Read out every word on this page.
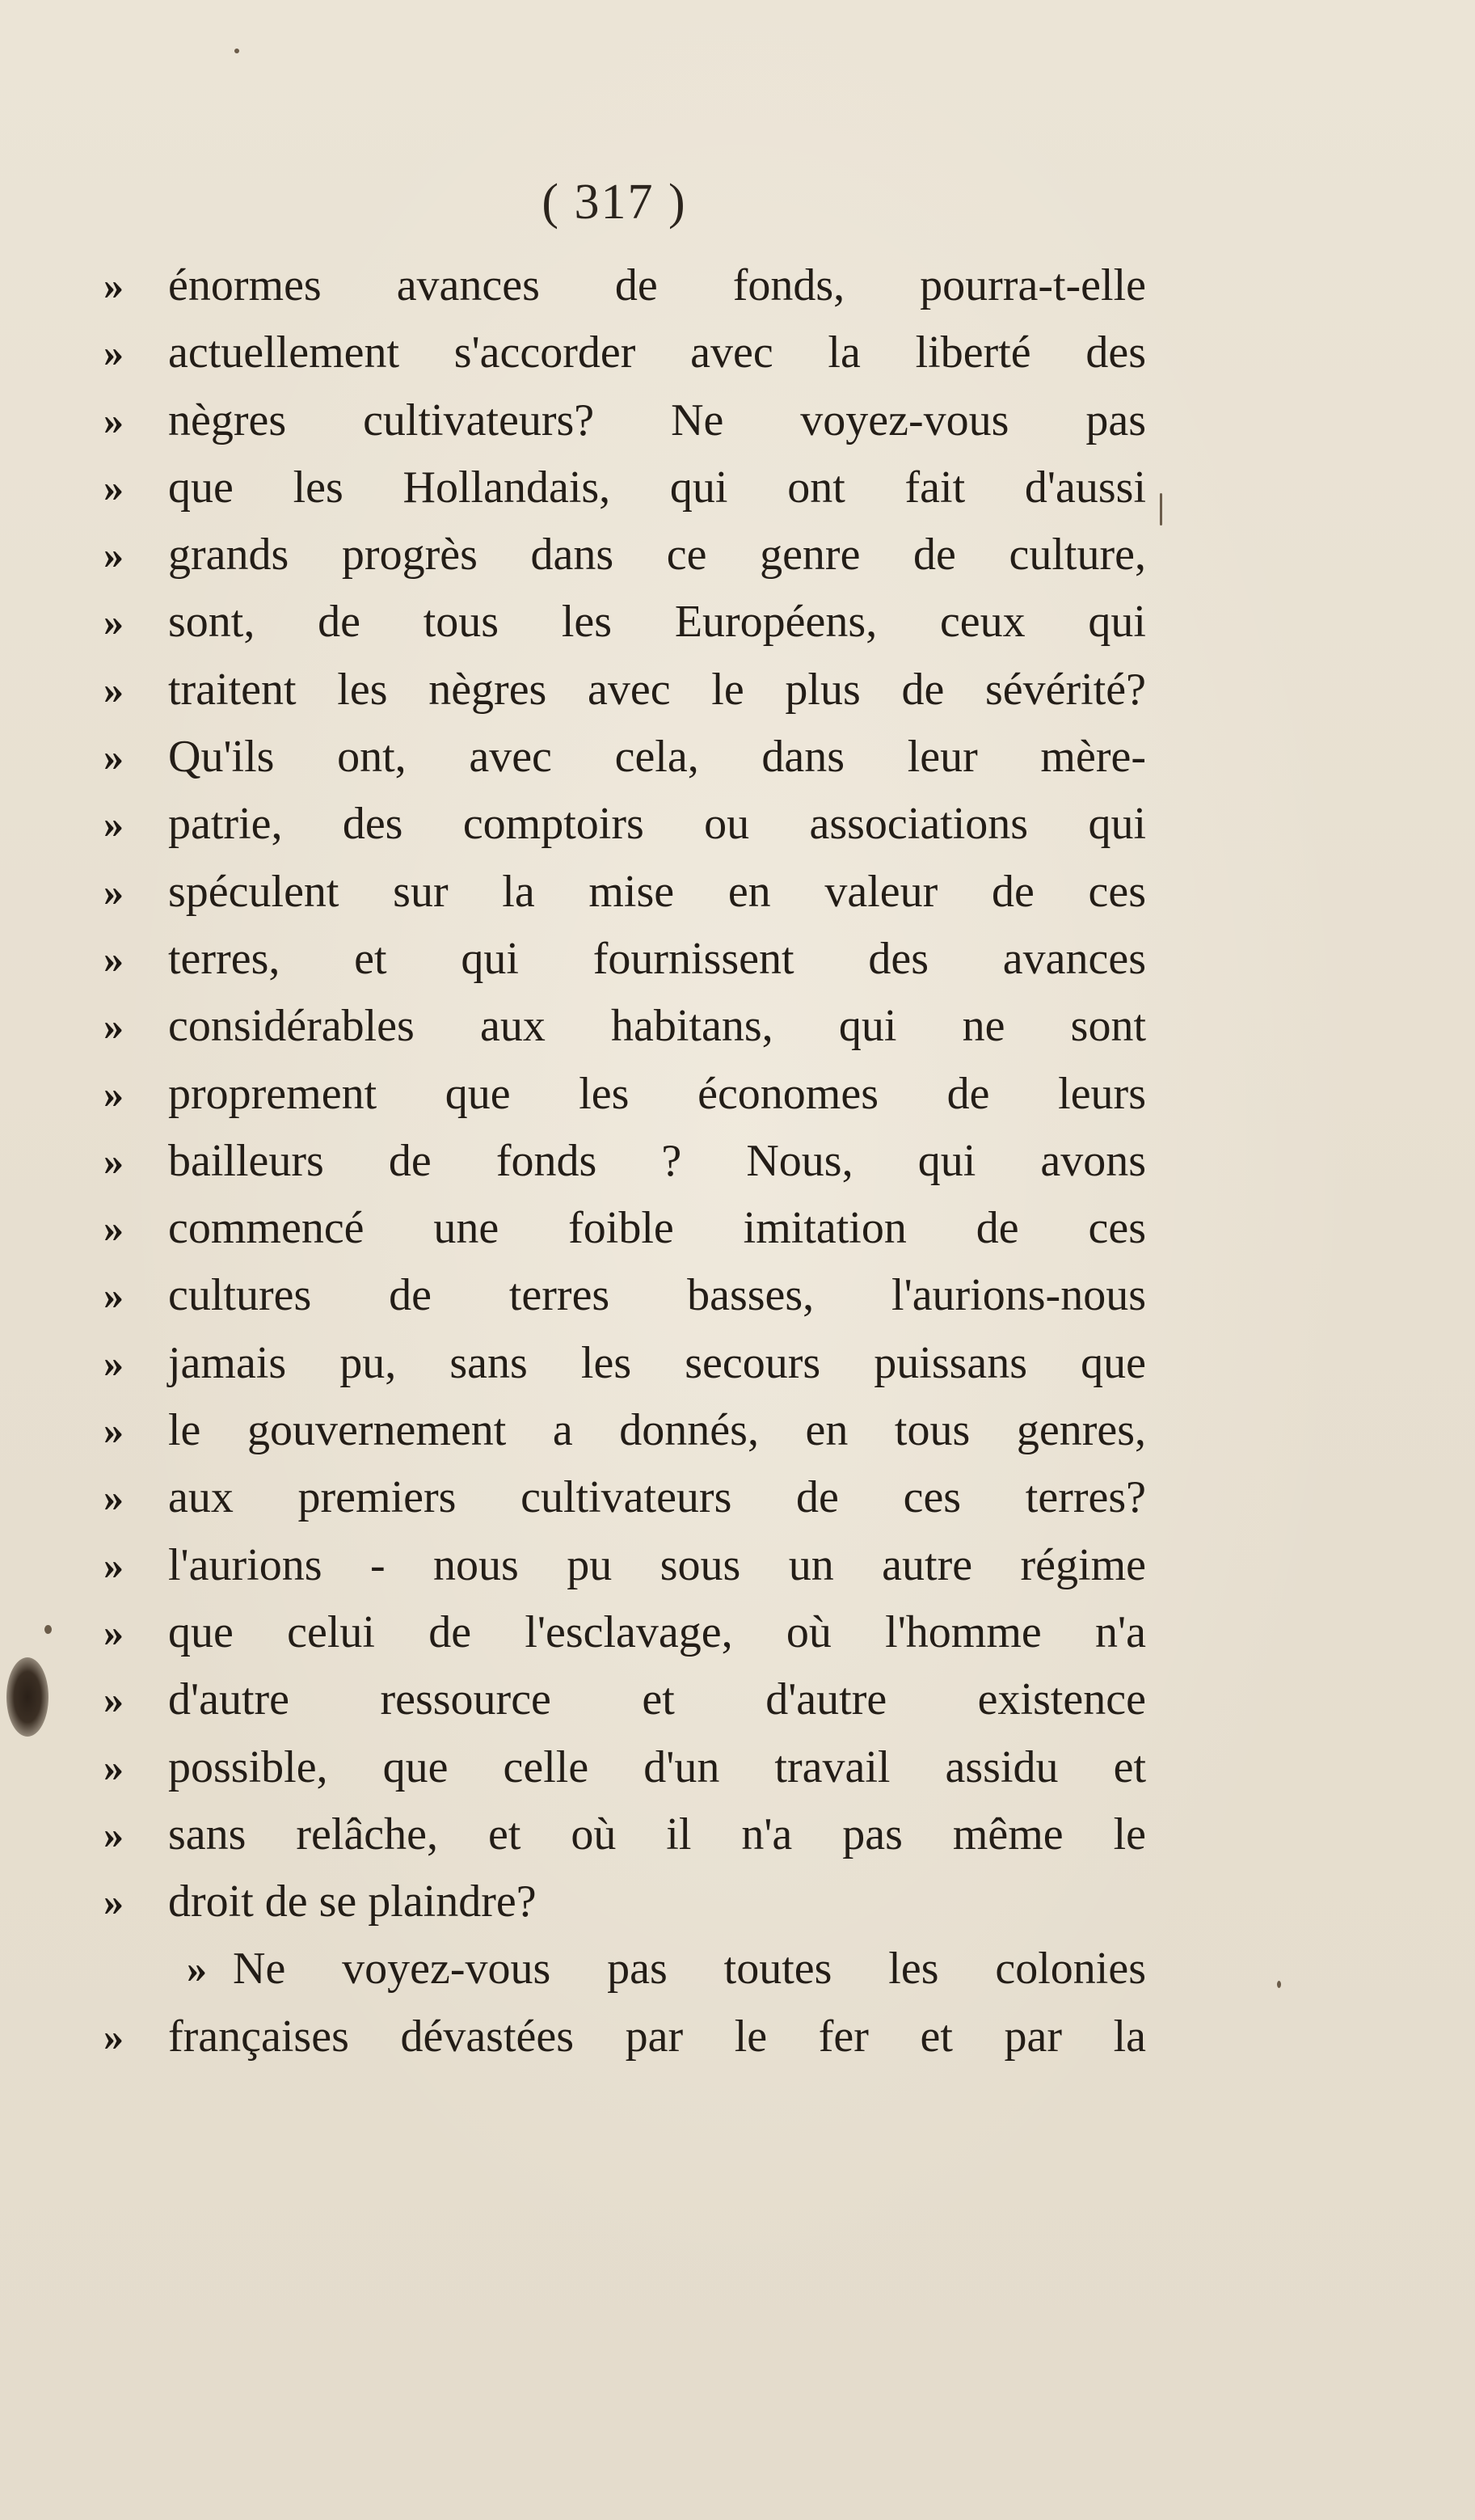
( 317 )
» énormes avances de fonds, pourra-t-elle
» actuellement s'accorder avec la liberté des
» nègres cultivateurs? Ne voyez-vous pas
» que les Hollandais, qui ont fait d'aussi
» grands progrès dans ce genre de culture,
» sont, de tous les Européens, ceux qui
» traitent les nègres avec le plus de sévérité?
» Qu'ils ont, avec cela, dans leur mère-
» patrie, des comptoirs ou associations qui
» spéculent sur la mise en valeur de ces
» terres, et qui fournissent des avances
» considérables aux habitans, qui ne sont
» proprement que les économes de leurs
» bailleurs de fonds ? Nous, qui avons
» commencé une foible imitation de ces
» cultures de terres basses, l'aurions-nous
» jamais pu, sans les secours puissans que
» le gouvernement a donnés, en tous genres,
» aux premiers cultivateurs de ces terres?
» l'aurions - nous pu sous un autre régime
» que celui de l'esclavage, où l'homme n'a
» d'autre ressource et d'autre existence
» possible, que celle d'un travail assidu et
» sans relâche, et où il n'a pas même le
» droit de se plaindre?
» Ne voyez-vous pas toutes les colonies
» françaises dévastées par le fer et par la
